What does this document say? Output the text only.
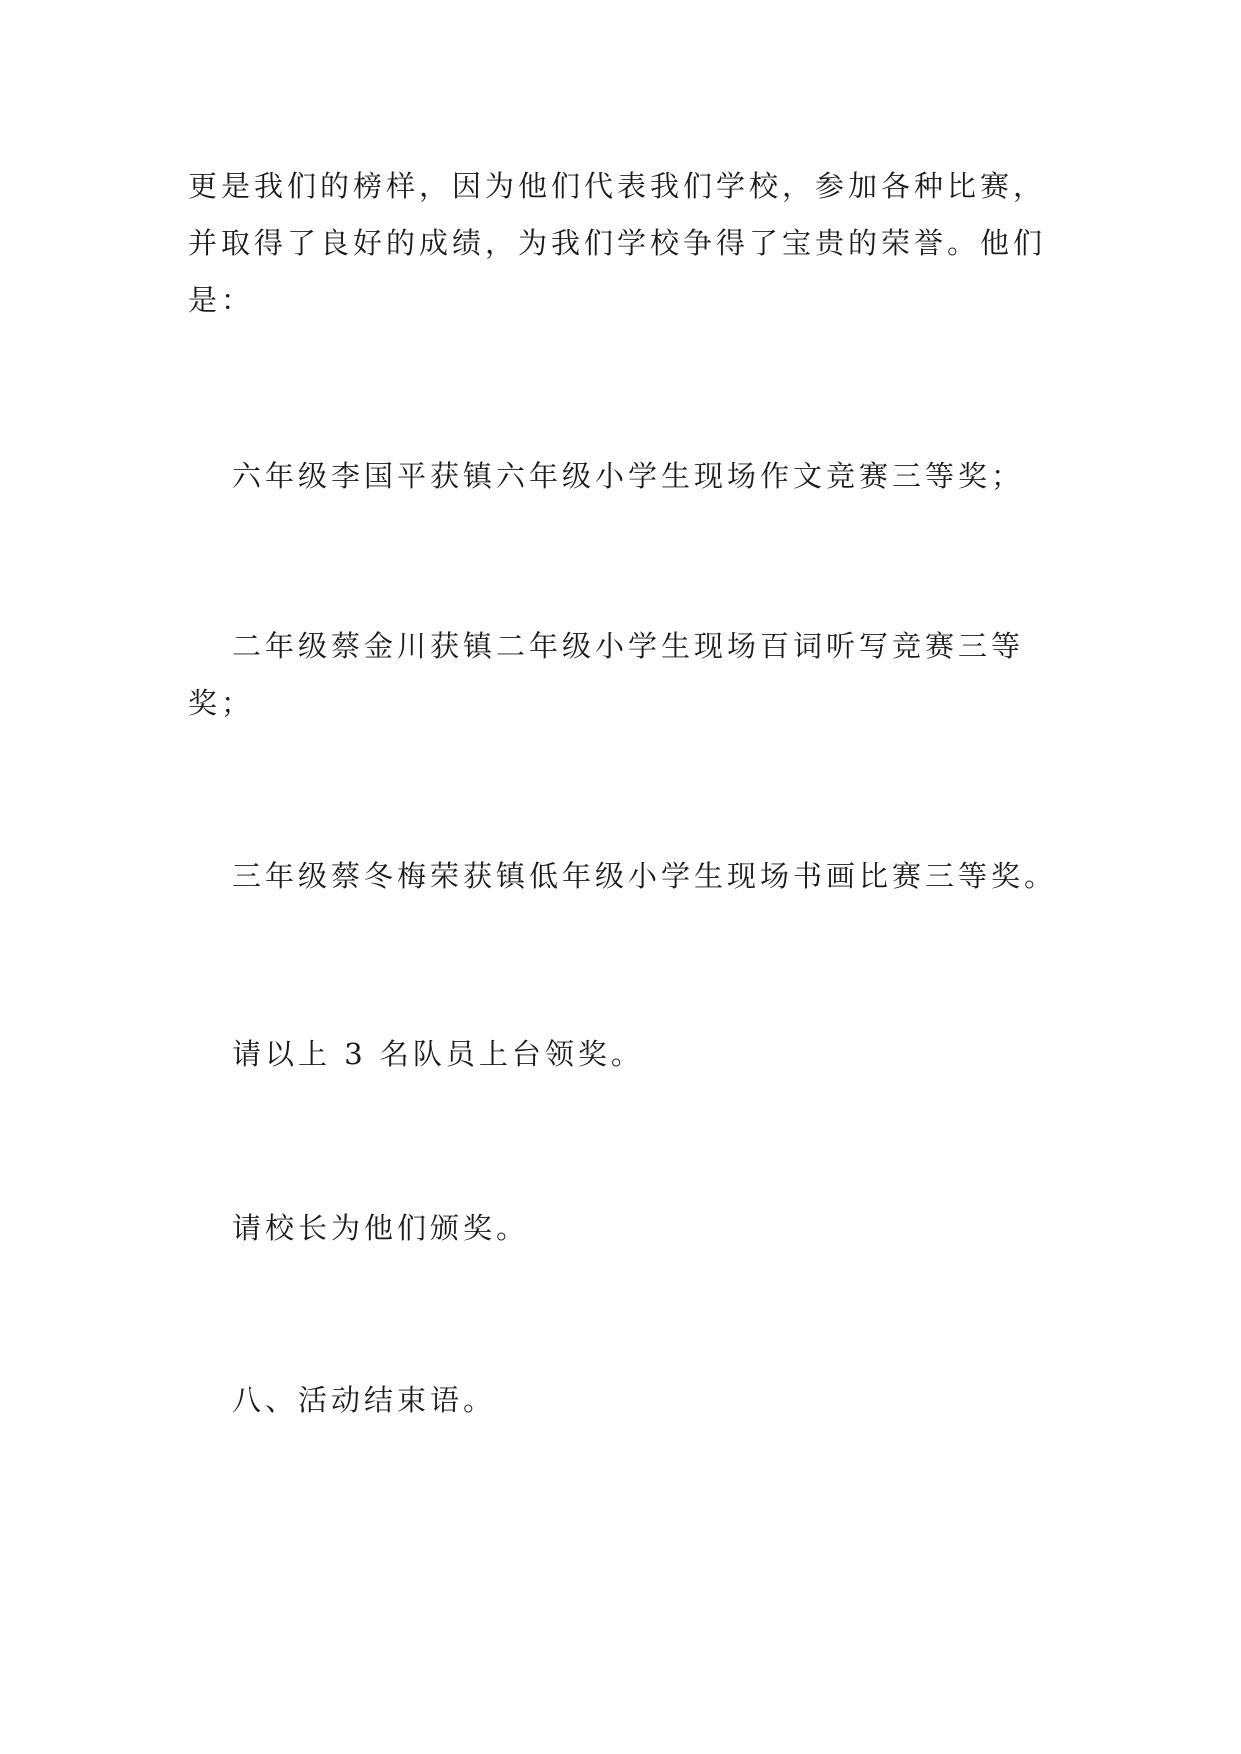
更是我们的榜样，因为他们代表我们学校，参加各种比赛，并取得了良好的成绩，为我们学校争得了宝贵的荣誉。他们是：

六年级李国平获镇六年级小学生现场作文竞赛三等奖；

二年级蔡金川获镇二年级小学生现场百词听写竞赛三等奖；

三年级蔡冬梅荣获镇低年级小学生现场书画比赛三等奖。

请以上 3 名队员上台领奖。

请校长为他们颁奖。

八、活动结束语。
